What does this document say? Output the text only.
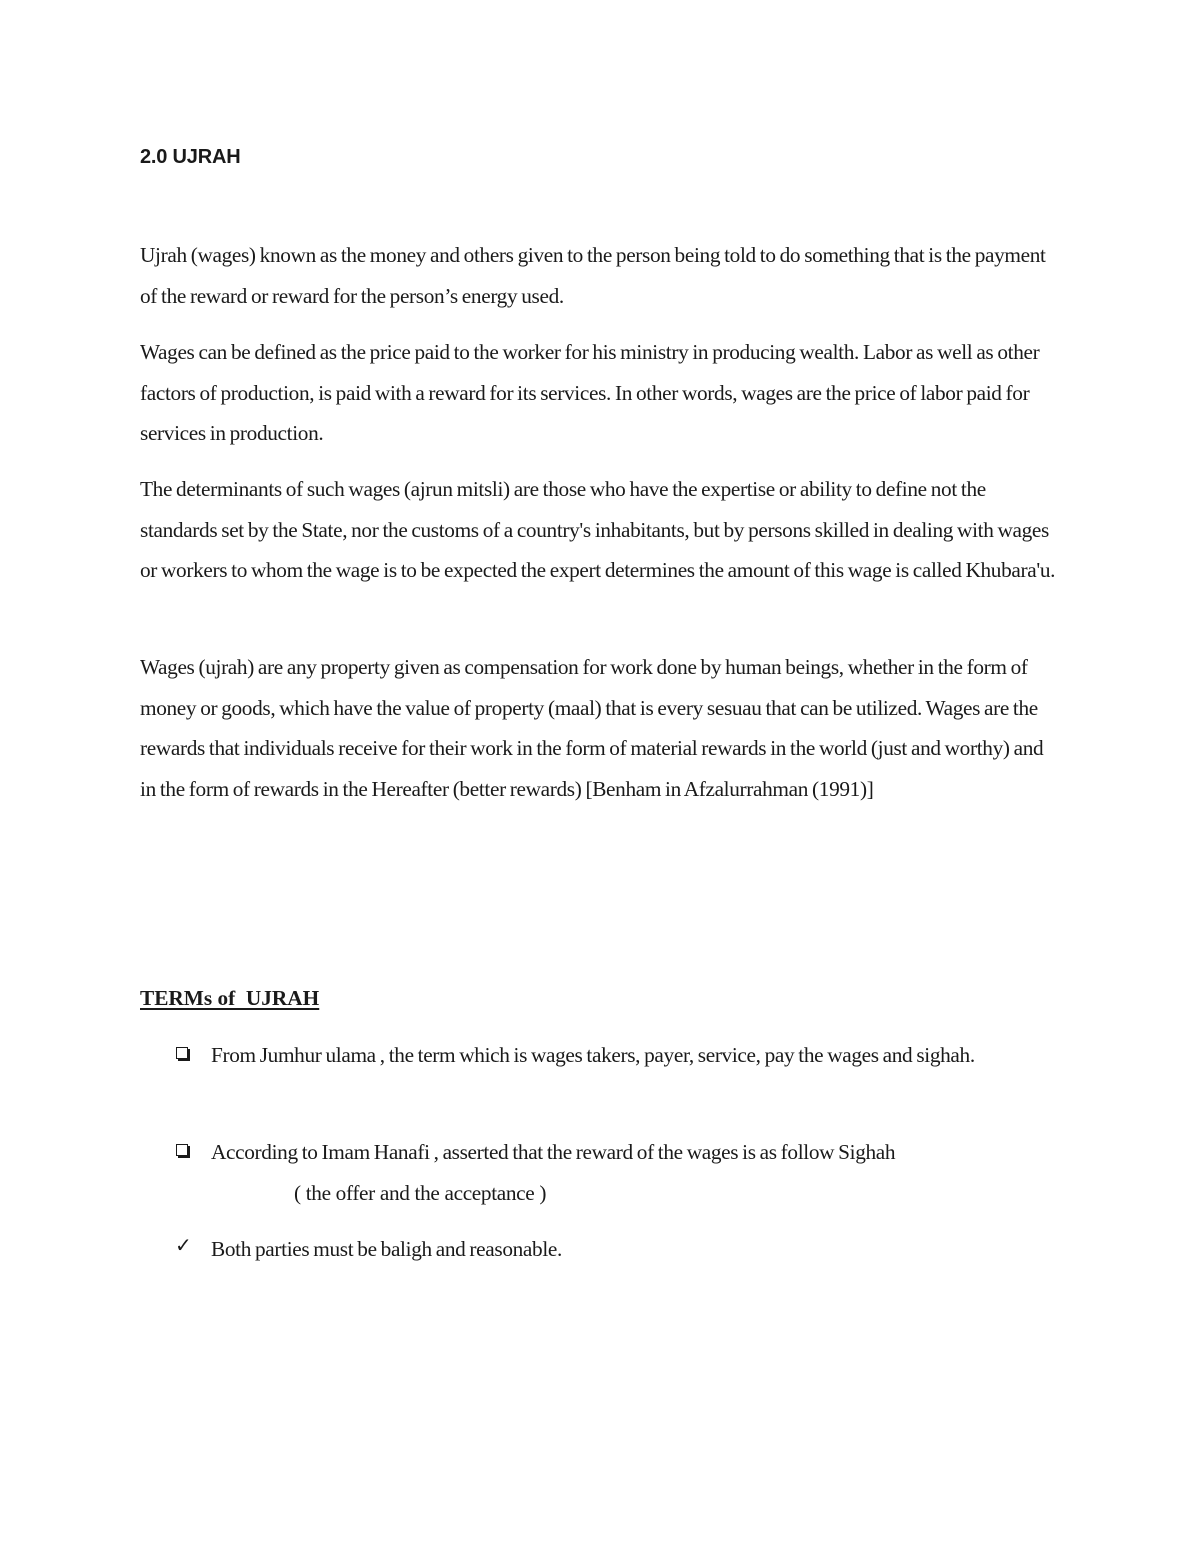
2.0 UJRAH

Ujrah (wages) known as the money and others given to the person being told to do something that is the payment of the reward or reward for the person’s energy used.

Wages can be defined as the price paid to the worker for his ministry in producing wealth. Labor as well as other factors of production, is paid with a reward for its services. In other words, wages are the price of labor paid for services in production.

The determinants of such wages (ajrun mitsli) are those who have the expertise or ability to define not the standards set by the State, nor the customs of a country's inhabitants, but by persons skilled in dealing with wages or workers to whom the wage is to be expected the expert determines the amount of this wage is called Khubara'u.

Wages (ujrah) are any property given as compensation for work done by human beings, whether in the form of money or goods, which have the value of property (maal) that is every sesuau that can be utilized. Wages are the rewards that individuals receive for their work in the form of material rewards in the world (just and worthy) and in the form of rewards in the Hereafter (better rewards) [Benham in Afzalurrahman (1991)]

TERMs of  UJRAH

From Jumhur ulama , the term which is wages takers, payer, service, pay the wages and sighah.

According to Imam Hanafi , asserted that the reward of the wages is as follow Sighah

( the offer and the acceptance )

✓ Both parties must be baligh and reasonable.
